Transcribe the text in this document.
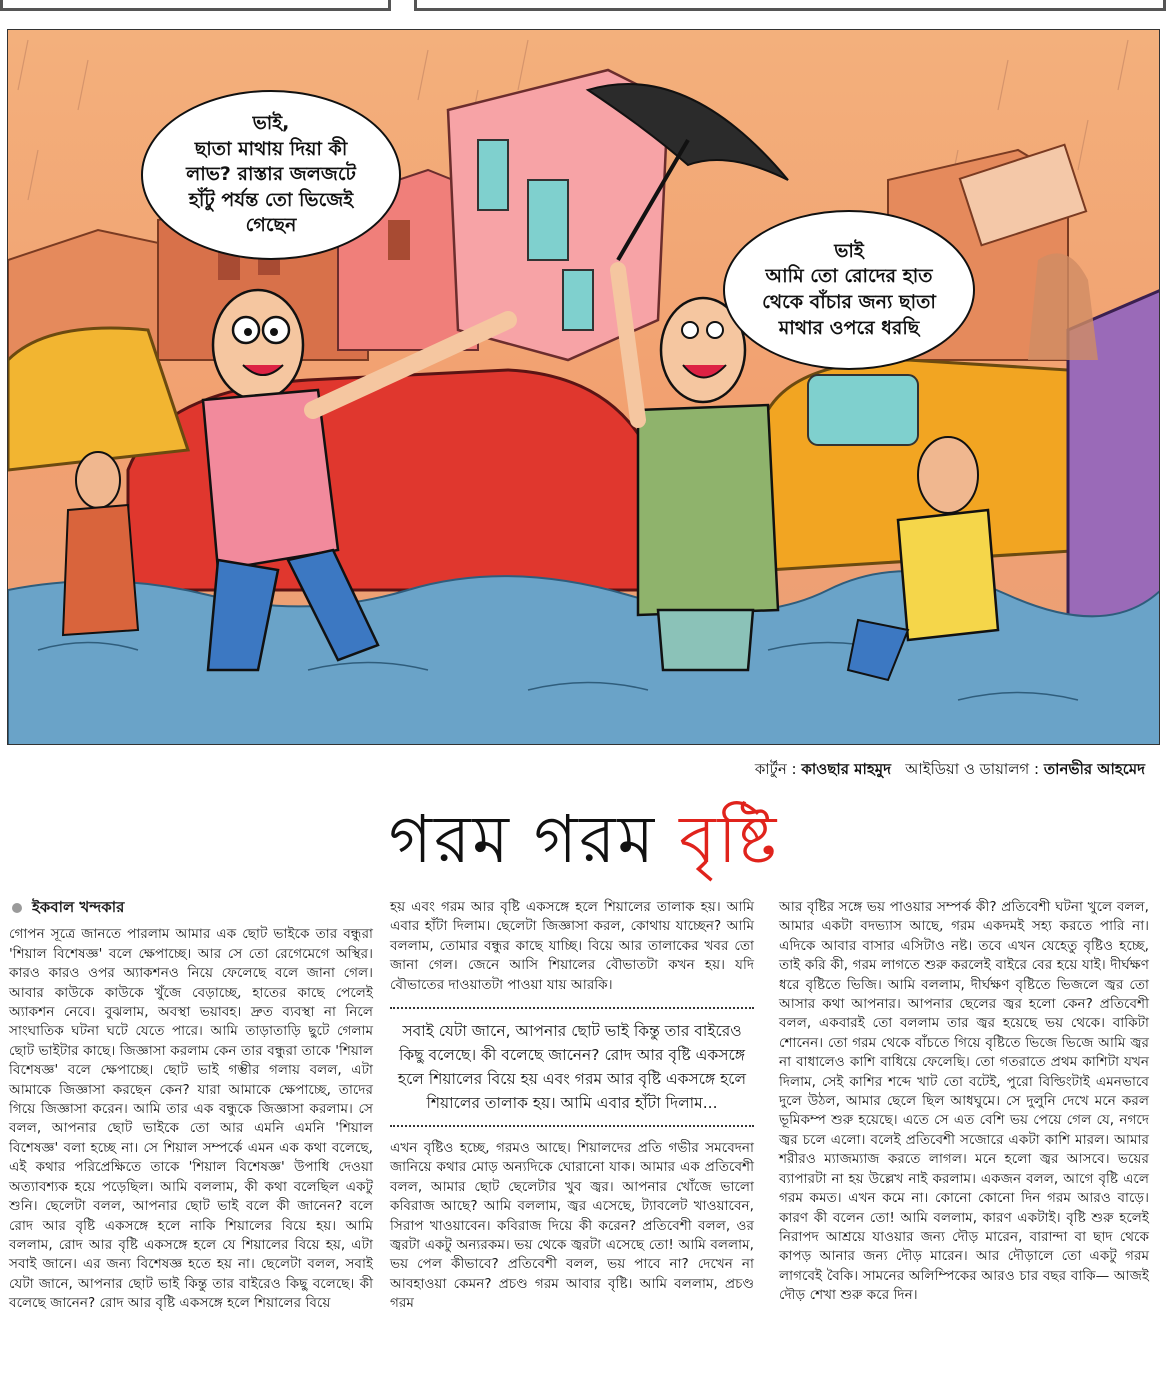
ভাই,
ছাতা মাথায় দিয়া কী লাভ? রাস্তার জলজটে হাঁটু পর্যন্ত তো ভিজেই গেছেন
ভাই
আমি তো রোদের হাত থেকে বাঁচার জন্য ছাতা মাথার ওপরে ধরছি
কার্টুন : কাওছার মাহমুদ আইডিয়া ও ডায়ালগ : তানভীর আহমেদ
গরম গরম বৃষ্টি
ইকবাল খন্দকার

গোপন সূত্রে জানতে পারলাম আমার এক ছোট ভাইকে তার বন্ধুরা 'শিয়াল বিশেষজ্ঞ' বলে ক্ষেপাচ্ছে। আর সে তো রেগেমেগে অস্থির। কারও কারও ওপর অ্যাকশনও নিয়ে ফেলেছে বলে জানা গেল। আবার কাউকে কাউকে খুঁজে বেড়াচ্ছে, হাতের কাছে পেলেই অ্যাকশন নেবে। বুঝলাম, অবস্থা ভয়াবহ। দ্রুত ব্যবস্থা না নিলে সাংঘাতিক ঘটনা ঘটে যেতে পারে। আমি তাড়াতাড়ি ছুটে গেলাম ছোট ভাইটার কাছে। জিজ্ঞাসা করলাম কেন তার বন্ধুরা তাকে 'শিয়াল বিশেষজ্ঞ' বলে ক্ষেপাচ্ছে। ছোট ভাই গম্ভীর গলায় বলল, এটা আমাকে জিজ্ঞাসা করছেন কেন? যারা আমাকে ক্ষেপাচ্ছে, তাদের গিয়ে জিজ্ঞাসা করেন। আমি তার এক বন্ধুকে জিজ্ঞাসা করলাম। সে বলল, আপনার ছোট ভাইকে তো আর এমনি এমনি 'শিয়াল বিশেষজ্ঞ' বলা হচ্ছে না। সে শিয়াল সম্পর্কে এমন এক কথা বলেছে, এই কথার পরিপ্রেক্ষিতে তাকে 'শিয়াল বিশেষজ্ঞ' উপাধি দেওয়া অত্যাবশ্যক হয়ে পড়েছিল। আমি বললাম, কী কথা বলেছিল একটু শুনি। ছেলেটা বলল, আপনার ছোট ভাই বলে কী জানেন? বলে রোদ আর বৃষ্টি একসঙ্গে হলে নাকি শিয়ালের বিয়ে হয়। আমি বললাম, রোদ আর বৃষ্টি একসঙ্গে হলে যে শিয়ালের বিয়ে হয়, এটা সবাই জানে। এর জন্য বিশেষজ্ঞ হতে হয় না। ছেলেটা বলল, সবাই যেটা জানে, আপনার ছোট ভাই কিন্তু তার বাইরেও কিছু বলেছে। কী বলেছে জানেন? রোদ আর বৃষ্টি একসঙ্গে হলে শিয়ালের বিয়ে

হয় এবং গরম আর বৃষ্টি একসঙ্গে হলে শিয়ালের তালাক হয়। আমি এবার হাঁটা দিলাম। ছেলেটা জিজ্ঞাসা করল, কোথায় যাচ্ছেন? আমি বললাম, তোমার বন্ধুর কাছে যাচ্ছি। বিয়ে আর তালাকের খবর তো জানা গেল। জেনে আসি শিয়ালের বৌভাতটা কখন হয়। যদি বৌভাতের দাওয়াতটা পাওয়া যায় আরকি।

সবাই যেটা জানে, আপনার ছোট ভাই কিন্তু তার বাইরেও কিছু বলেছে। কী বলেছে জানেন? রোদ আর বৃষ্টি একসঙ্গে হলে শিয়ালের বিয়ে হয় এবং গরম আর বৃষ্টি একসঙ্গে হলে শিয়ালের তালাক হয়। আমি এবার হাঁটা দিলাম...

এখন বৃষ্টিও হচ্ছে, গরমও আছে। শিয়ালদের প্রতি গভীর সমবেদনা জানিয়ে কথার মোড় অন্যদিকে ঘোরানো যাক। আমার এক প্রতিবেশী বলল, আমার ছোট ছেলেটার খুব জ্বর। আপনার খোঁজে ভালো কবিরাজ আছে? আমি বললাম, জ্বর এসেছে, ট্যাবলেট খাওয়াবেন, সিরাপ খাওয়াবেন। কবিরাজ দিয়ে কী করেন? প্রতিবেশী বলল, ওর জ্বরটা একটু অন্যরকম। ভয় থেকে জ্বরটা এসেছে তো! আমি বললাম, ভয় পেল কীভাবে? প্রতিবেশী বলল, ভয় পাবে না? দেখেন না আবহাওয়া কেমন? প্রচণ্ড গরম আবার বৃষ্টি। আমি বললাম, প্রচণ্ড গরম

আর বৃষ্টির সঙ্গে ভয় পাওয়ার সম্পর্ক কী? প্রতিবেশী ঘটনা খুলে বলল, আমার একটা বদভ্যাস আছে, গরম একদমই সহ্য করতে পারি না। এদিকে আবার বাসার এসিটাও নষ্ট। তবে এখন যেহেতু বৃষ্টিও হচ্ছে, তাই করি কী, গরম লাগতে শুরু করলেই বাইরে বের হয়ে যাই। দীর্ঘক্ষণ ধরে বৃষ্টিতে ভিজি। আমি বললাম, দীর্ঘক্ষণ বৃষ্টিতে ভিজলে জ্বর তো আসার কথা আপনার। আপনার ছেলের জ্বর হলো কেন? প্রতিবেশী বলল, একবারই তো বললাম তার জ্বর হয়েছে ভয় থেকে। বাকিটা শোনেন। তো গরম থেকে বাঁচতে গিয়ে বৃষ্টিতে ভিজে ভিজে আমি জ্বর না বাধালেও কাশি বাধিয়ে ফেলেছি। তো গতরাতে প্রথম কাশিটা যখন দিলাম, সেই কাশির শব্দে খাট তো বটেই, পুরো বিল্ডিংটাই এমনভাবে দুলে উঠল, আমার ছেলে ছিল আধঘুমে। সে দুলুনি দেখে মনে করল ভূমিকম্প শুরু হয়েছে। এতে সে এত বেশি ভয় পেয়ে গেল যে, নগদে জ্বর চলে এলো। বলেই প্রতিবেশী সজোরে একটা কাশি মারল। আমার শরীরও ম্যাজম্যাজ করতে লাগল। মনে হলো জ্বর আসবে। ভয়ের ব্যাপারটা না হয় উল্লেখ নাই করলাম। একজন বলল, আগে বৃষ্টি এলে গরম কমত। এখন কমে না। কোনো কোনো দিন গরম আরও বাড়ে। কারণ কী বলেন তো! আমি বললাম, কারণ একটাই। বৃষ্টি শুরু হলেই নিরাপদ আশ্রয়ে যাওয়ার জন্য দৌড় মারেন, বারান্দা বা ছাদ থেকে কাপড় আনার জন্য দৌড় মারেন। আর দৌড়ালে তো একটু গরম লাগবেই বৈকি। সামনের অলিম্পিকের আরও চার বছর বাকি— আজই দৌড় শেখা শুরু করে দিন।
